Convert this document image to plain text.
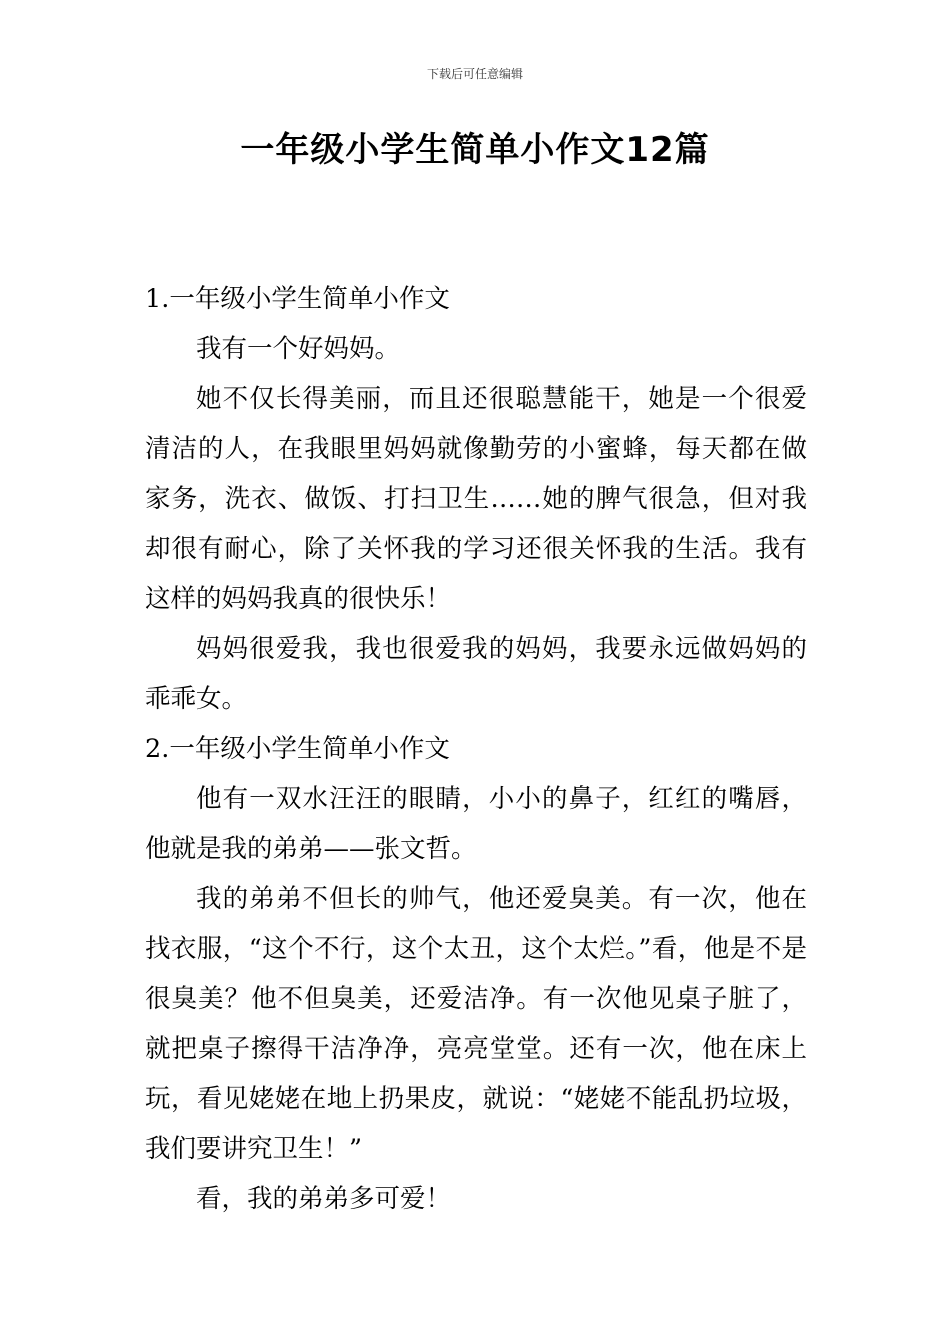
下载后可任意编辑
一年级小学生简单小作文12篇

1.一年级小学生简单小作文

我有一个好妈妈。

她不仅长得美丽，而且还很聪慧能干，她是一个很爱清洁的人，在我眼里妈妈就像勤劳的小蜜蜂，每天都在做家务，洗衣、做饭、打扫卫生……她的脾气很急，但对我却很有耐心，除了关怀我的学习还很关怀我的生活。我有这样的妈妈我真的很快乐！

妈妈很爱我，我也很爱我的妈妈，我要永远做妈妈的乖乖女。

2.一年级小学生简单小作文

他有一双水汪汪的眼睛，小小的鼻子，红红的嘴唇，他就是我的弟弟——张文哲。

我的弟弟不但长的帅气，他还爱臭美。有一次，他在找衣服，“这个不行，这个太丑，这个太烂。”看，他是不是很臭美？他不但臭美，还爱洁净。有一次他见桌子脏了，就把桌子擦得干洁净净，亮亮堂堂。还有一次，他在床上玩，看见姥姥在地上扔果皮，就说：“姥姥不能乱扔垃圾，我们要讲究卫生！”

看，我的弟弟多可爱！
